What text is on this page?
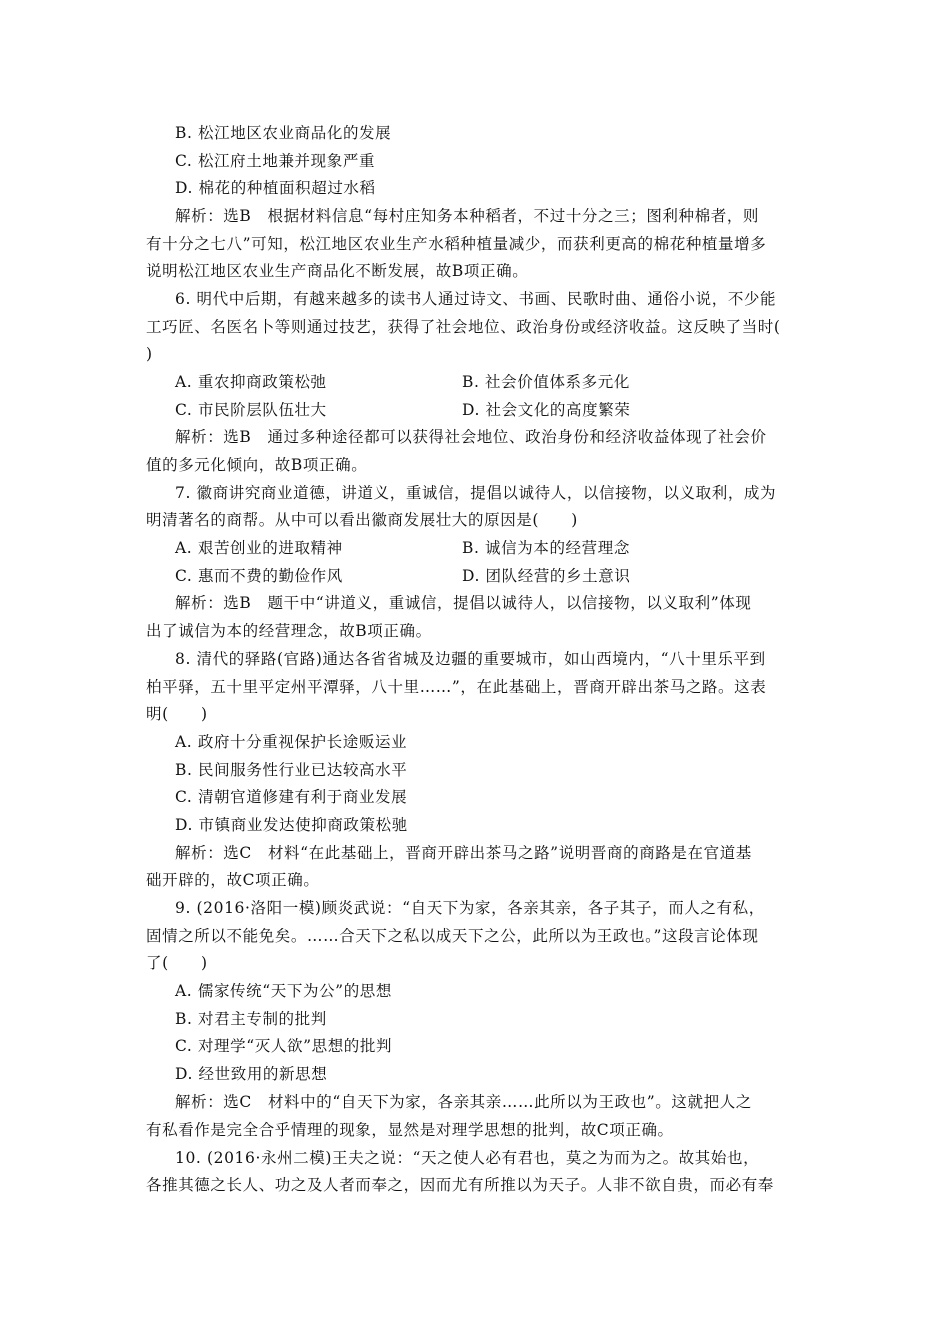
B. 松江地区农业商品化的发展
C. 松江府土地兼并现象严重
D. 棉花的种植面积超过水稻
解析：选B　根据材料信息“每村庄知务本种稻者，不过十分之三；图利种棉者，则
有十分之七八”可知，松江地区农业生产水稻种植量减少，而获利更高的棉花种植量增多
说明松江地区农业生产商品化不断发展，故B项正确。
6. 明代中后期，有越来越多的读书人通过诗文、书画、民歌时曲、通俗小说，不少能
工巧匠、名医名卜等则通过技艺，获得了社会地位、政治身份或经济收益。这反映了当时(
)
解析：选B　通过多种途径都可以获得社会地位、政治身份和经济收益体现了社会价
值的多元化倾向，故B项正确。
7. 徽商讲究商业道德，讲道义，重诚信，提倡以诚待人，以信接物，以义取利，成为
明清著名的商帮。从中可以看出徽商发展壮大的原因是(　　)
解析：选B　题干中“讲道义，重诚信，提倡以诚待人，以信接物，以义取利”体现
出了诚信为本的经营理念，故B项正确。
8. 清代的驿路(官路)通达各省省城及边疆的重要城市，如山西境内，“八十里乐平到
柏平驿，五十里平定州平潭驿，八十里……”，在此基础上，晋商开辟出茶马之路。这表
明(　　)
A. 政府十分重视保护长途贩运业
B. 民间服务性行业已达较高水平
C. 清朝官道修建有利于商业发展
D. 市镇商业发达使抑商政策松驰
解析：选C　材料“在此基础上，晋商开辟出茶马之路”说明晋商的商路是在官道基
础开辟的，故C项正确。
9. (2016·洛阳一模)顾炎武说：“自天下为家，各亲其亲，各子其子，而人之有私，
固情之所以不能免矣。……合天下之私以成天下之公，此所以为王政也。”这段言论体现
了(　　)
A. 儒家传统“天下为公”的思想
B. 对君主专制的批判
C. 对理学“灭人欲”思想的批判
D. 经世致用的新思想
解析：选C　材料中的“自天下为家，各亲其亲……此所以为王政也”。这就把人之
有私看作是完全合乎情理的现象，显然是对理学思想的批判，故C项正确。
10. (2016·永州二模)王夫之说：“天之使人必有君也，莫之为而为之。故其始也，
各推其德之长人、功之及人者而奉之，因而尤有所推以为天子。人非不欲自贵，而必有奉
A. 重农抑商政策松弛	B. 社会价值体系多元化
C. 市民阶层队伍壮大	D. 社会文化的高度繁荣
A. 艰苦创业的进取精神	B. 诚信为本的经营理念
C. 惠而不费的勤俭作风	D. 团队经营的乡土意识
